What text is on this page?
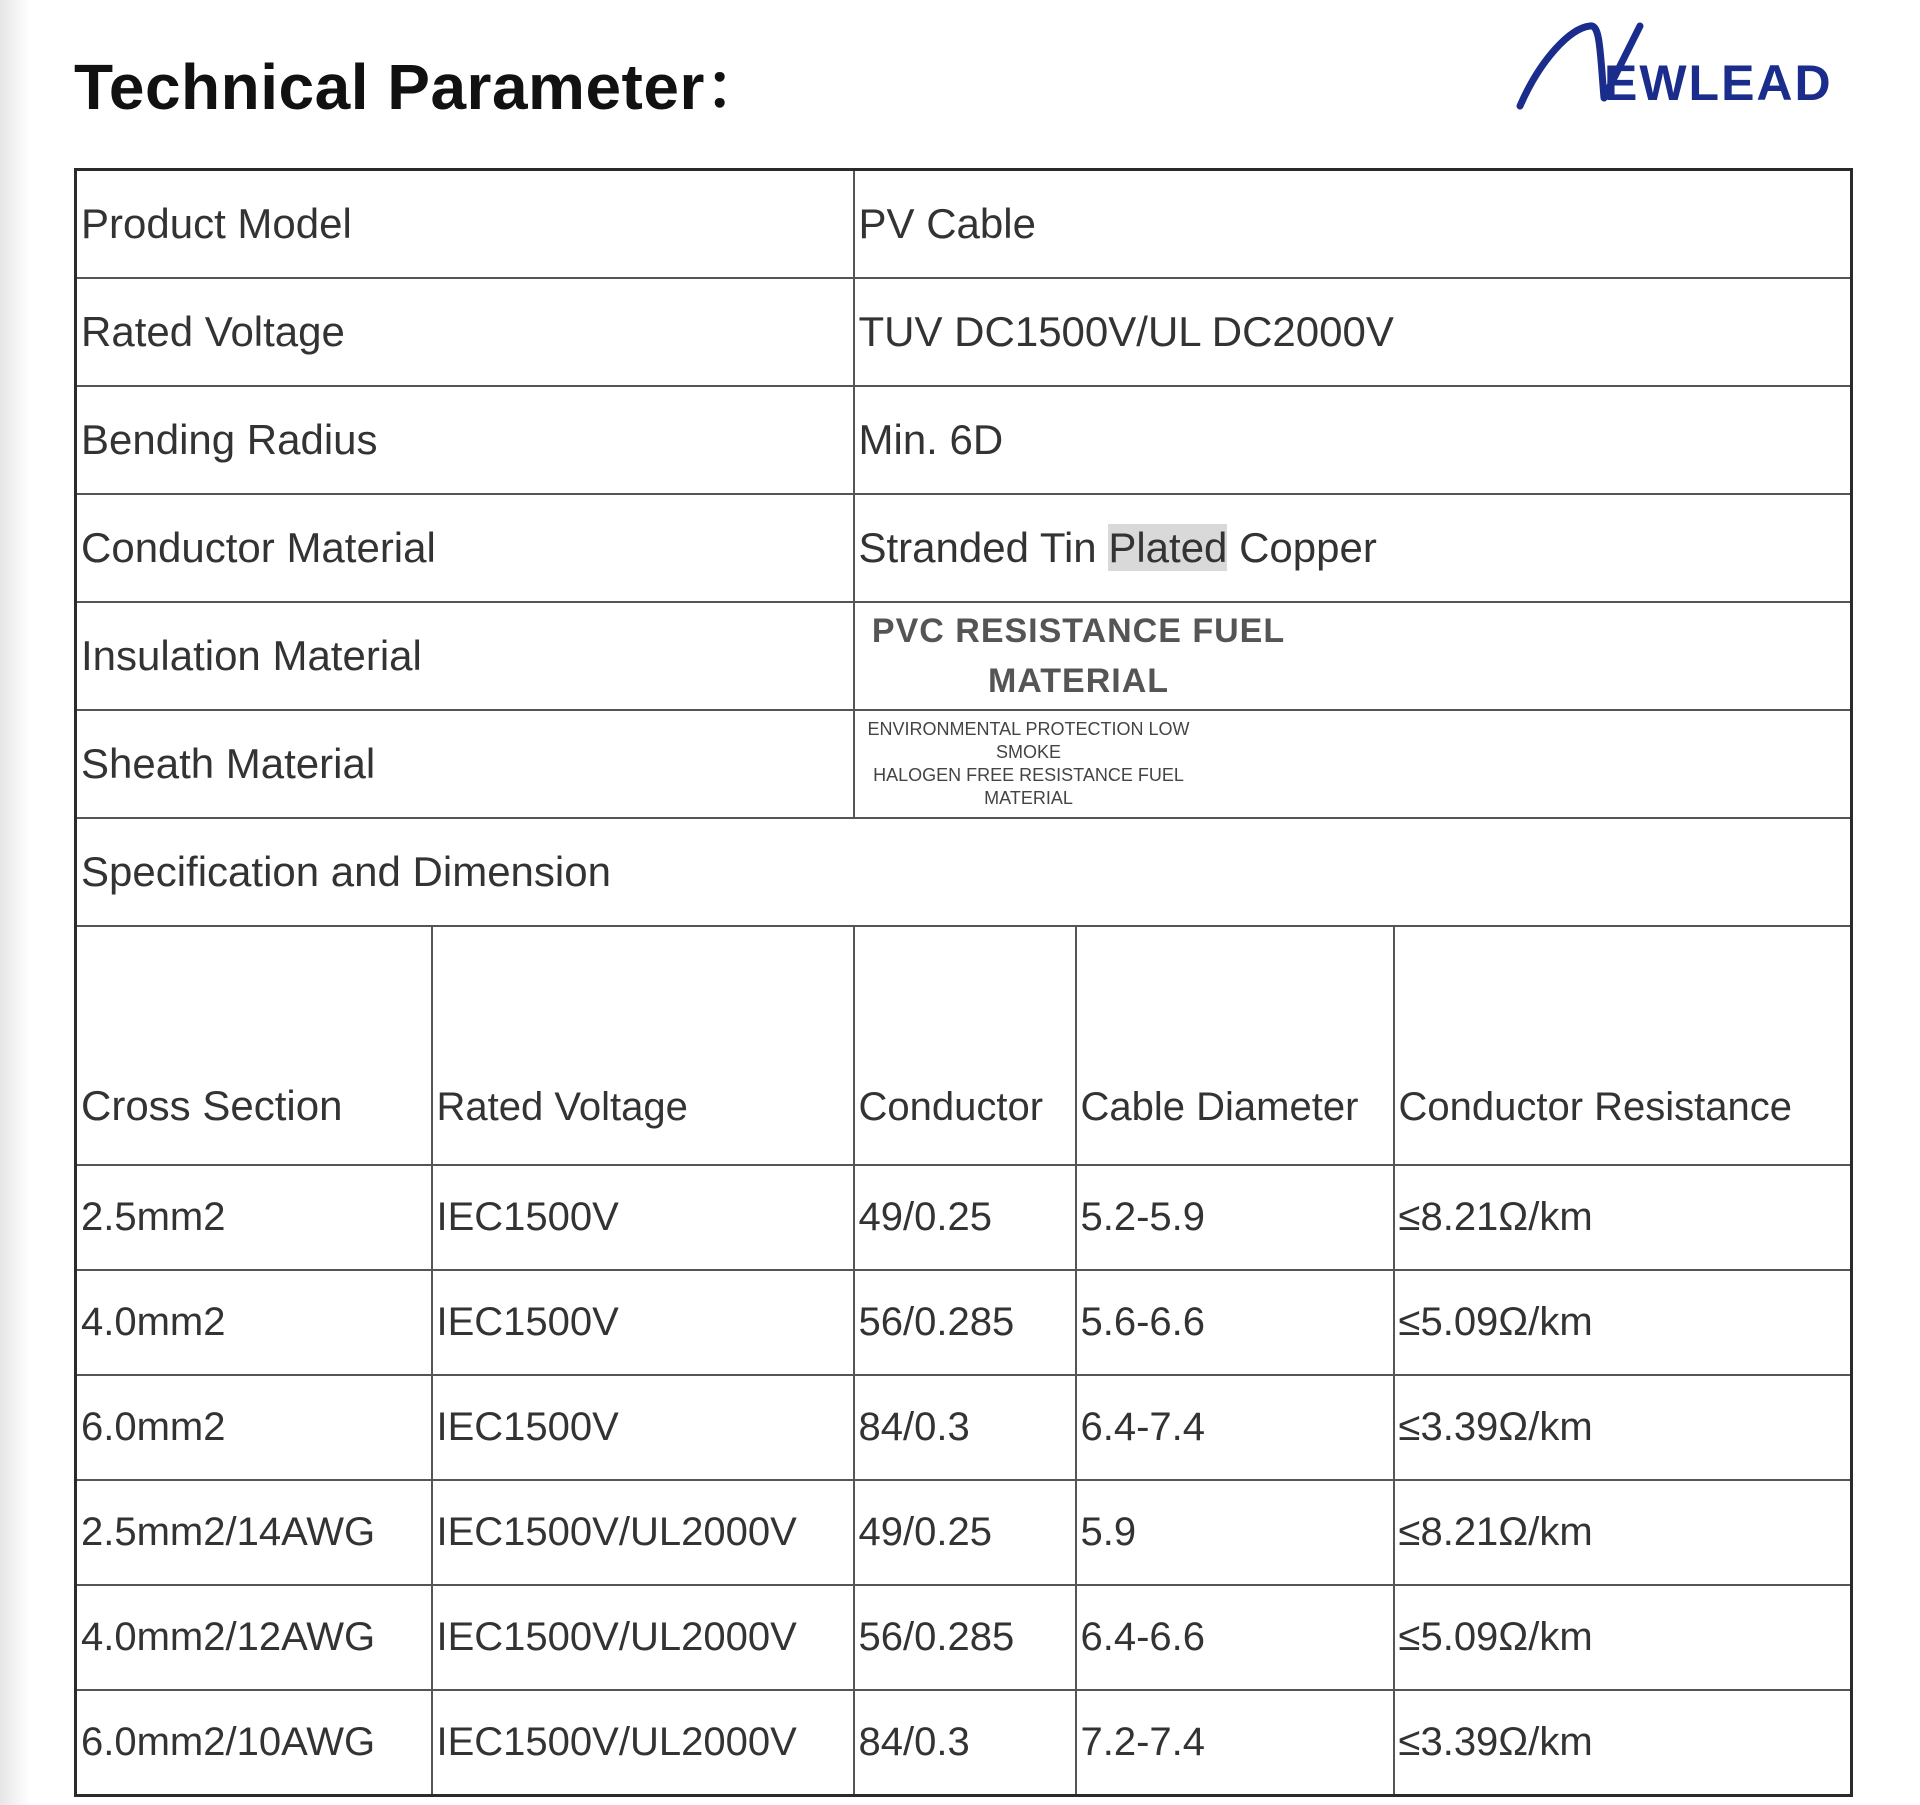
Technical Parameter：	EWLEAD
Product Model		PV Cable		
Rated Voltage		TUV DC1500V/UL DC2000V		
Bending Radius		Min. 6D		
Conductor Material		Stranded Tin Plated Copper		
Insulation Material		PVC RESISTANCE FUEL
MATERIAL		

Sheath Material		ENVIRONMENTAL PROTECTION LOW
SMOKE
HALOGEN FREE RESISTANCE FUEL
MATERIAL		

Specification and Dimension				
Cross Section	Rated Voltage	Conductor	Cable Diameter	Conductor Resistance
2.5mm2	IEC1500V	49/0.25	5.2-5.9	≤8.21Ω/km
4.0mm2	IEC1500V	56/0.285	5.6-6.6	≤5.09Ω/km
6.0mm2	IEC1500V	84/0.3	6.4-7.4	≤3.39Ω/km
2.5mm2/14AWG	IEC1500V/UL2000V	49/0.25	5.9	≤8.21Ω/km
4.0mm2/12AWG	IEC1500V/UL2000V	56/0.285	6.4-6.6	≤5.09Ω/km
6.0mm2/10AWG	IEC1500V/UL2000V	84/0.3	7.2-7.4	≤3.39Ω/km
